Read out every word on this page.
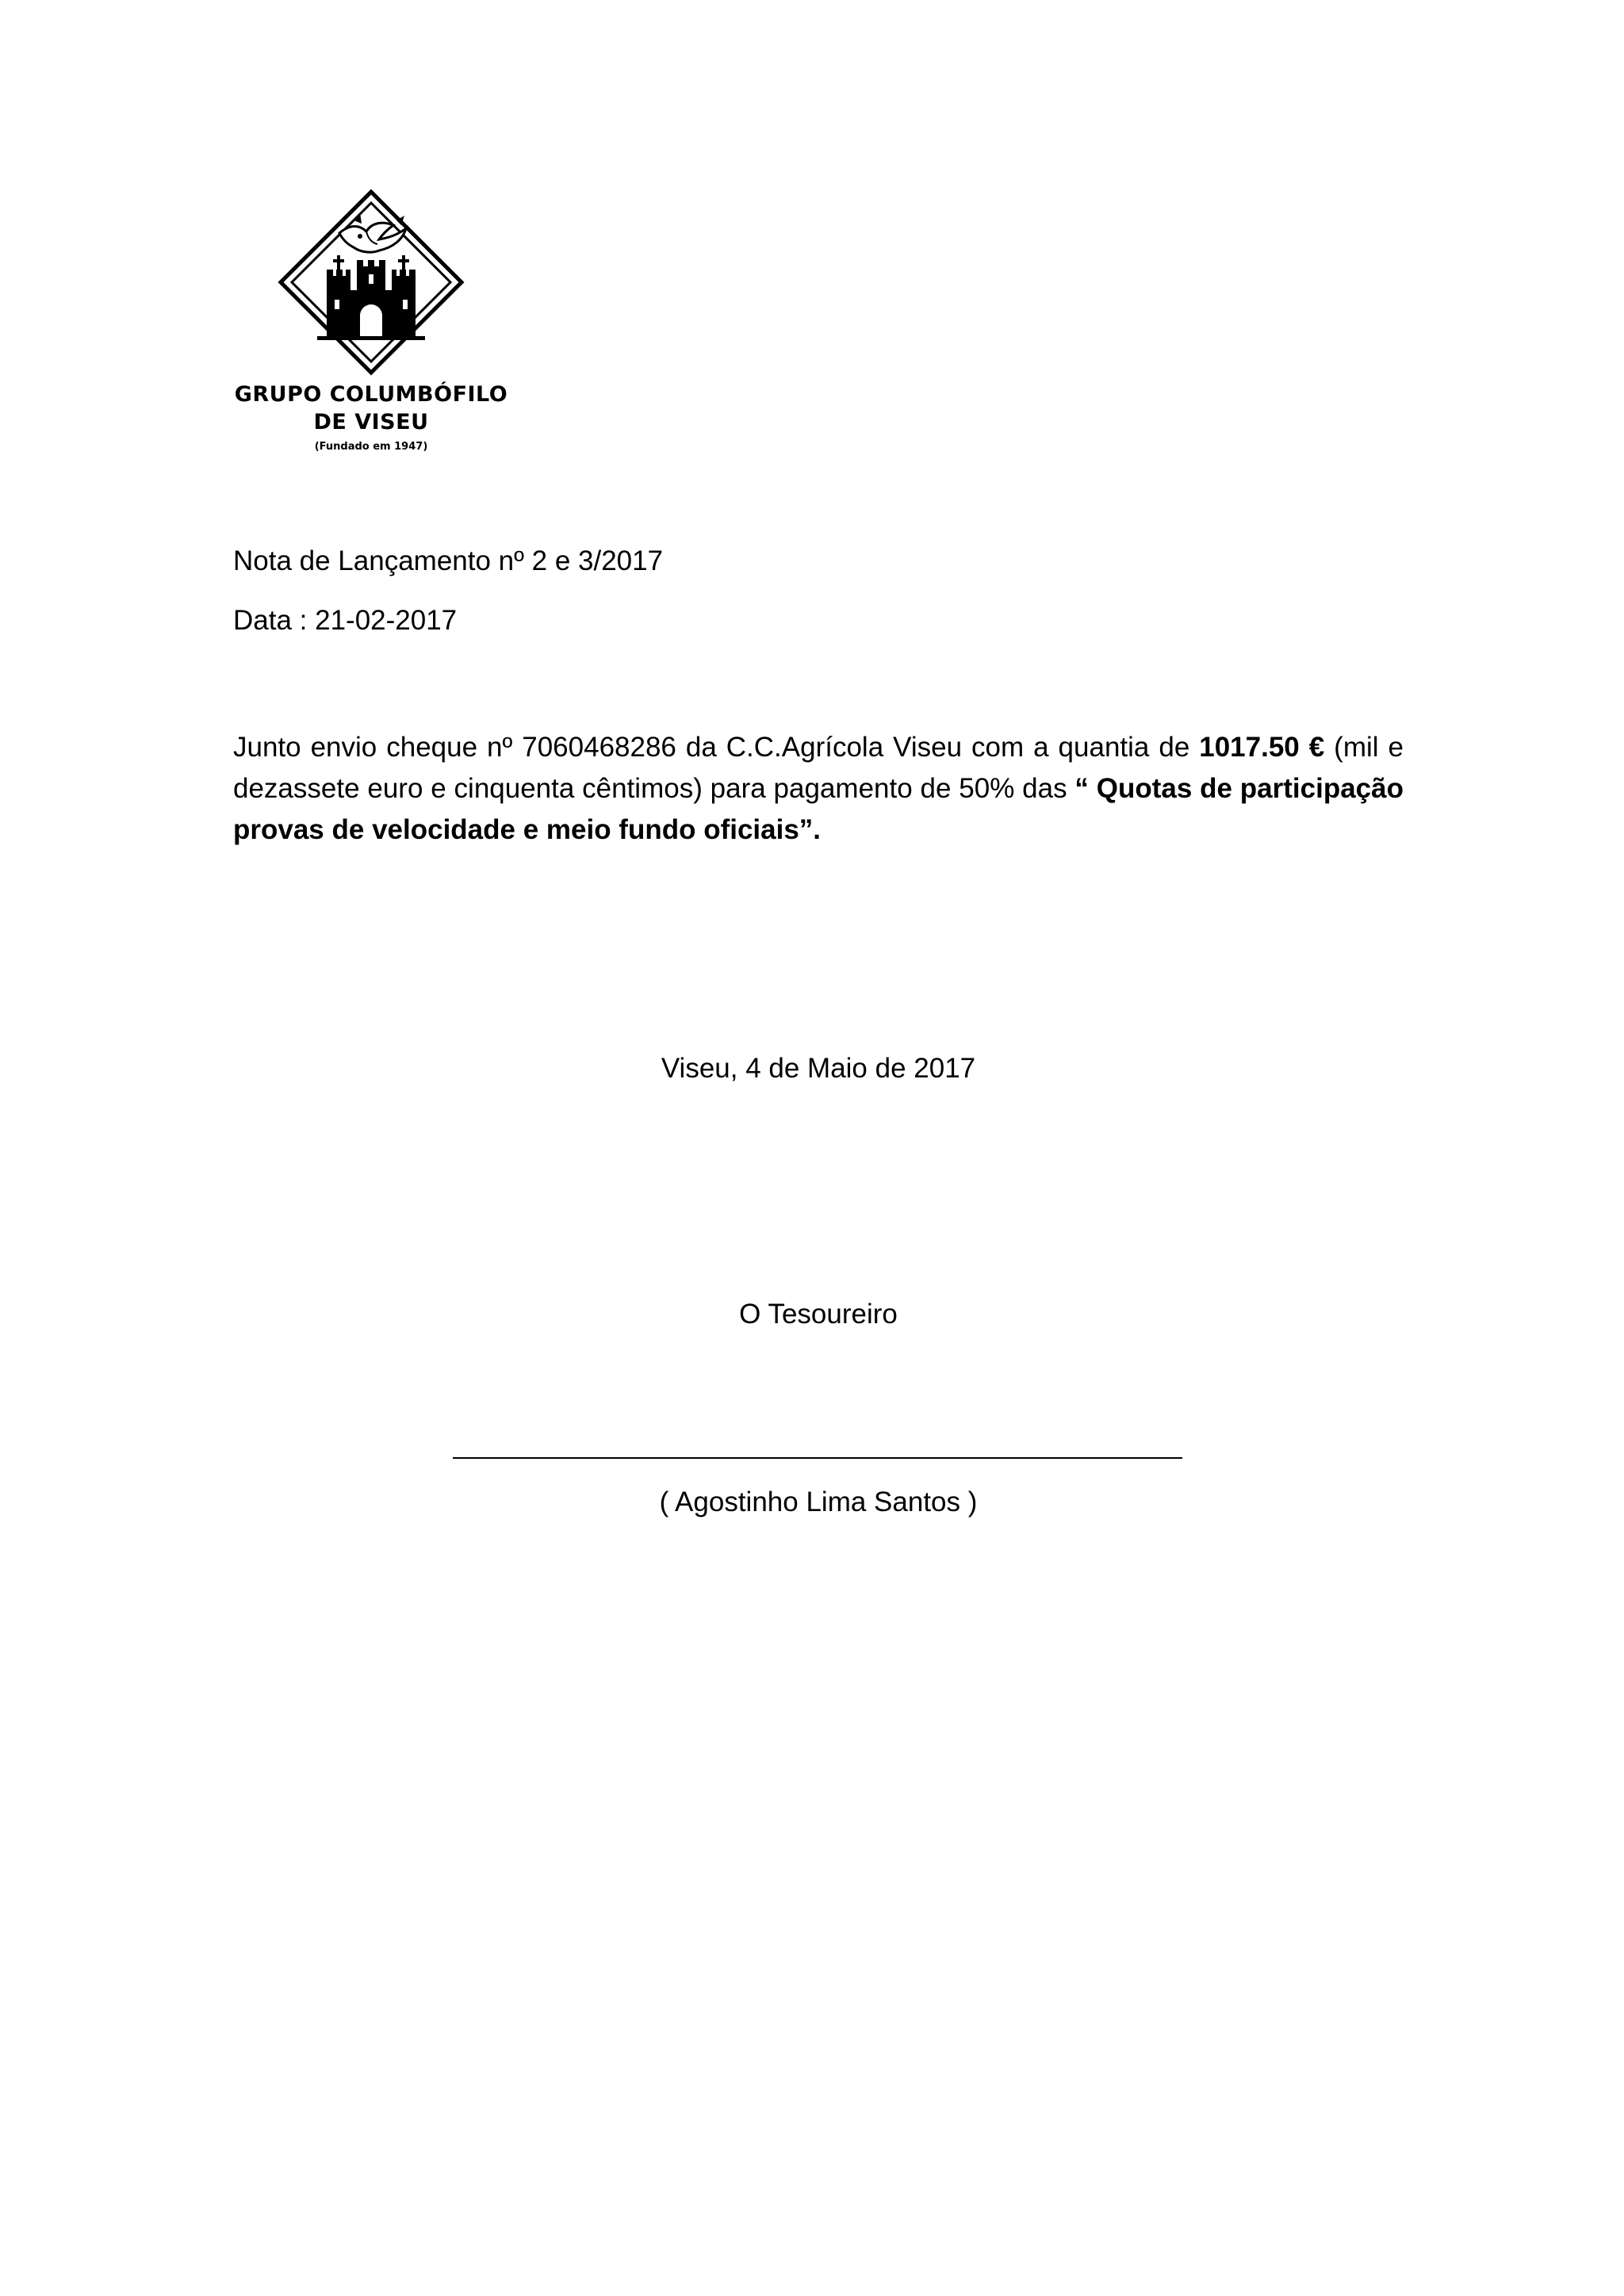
GRUPO COLUMBÓFILO
DE VISEU
(Fundado em 1947)
Nota de Lançamento nº 2 e 3/2017
Data : 21-02-2017

Junto envio cheque nº 7060468286 da C.C.Agrícola Viseu com a quantia de 1017.50 € (mil e dezassete euro e cinquenta cêntimos) para pagamento de 50% das “ Quotas de participação provas de velocidade e meio fundo oficiais”.

Viseu, 4 de Maio de 2017
O Tesoureiro
( Agostinho Lima Santos )
